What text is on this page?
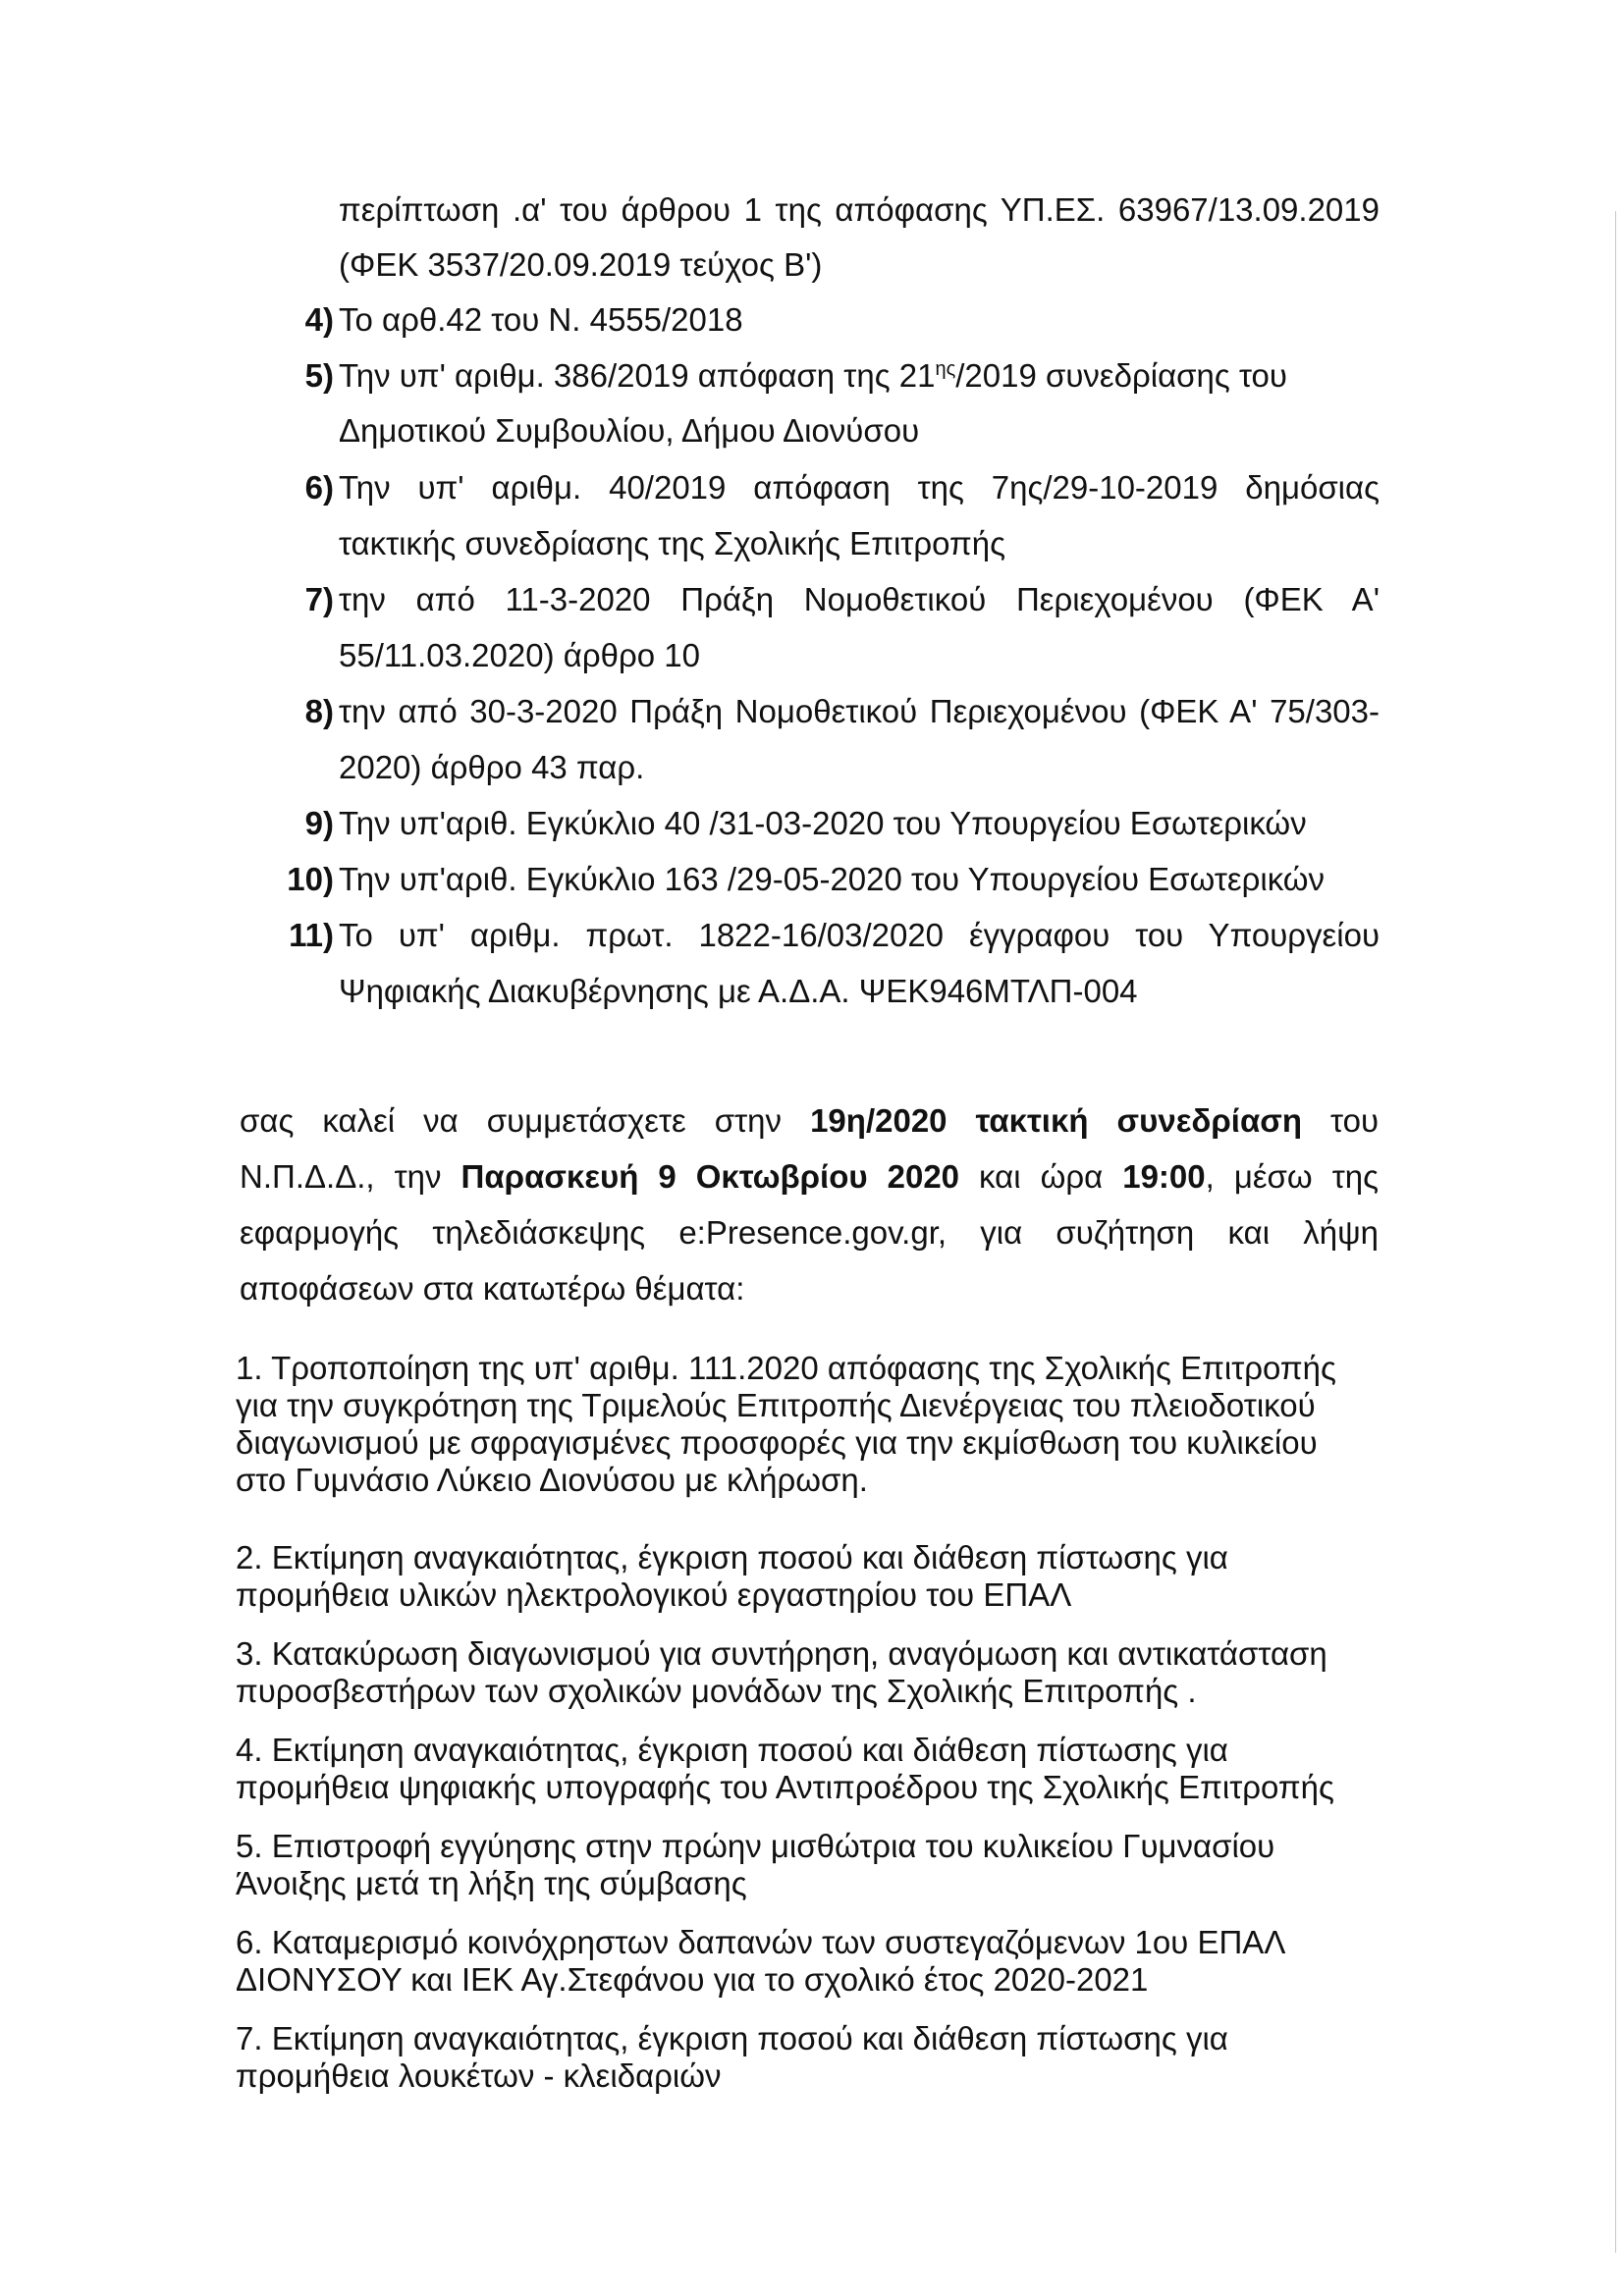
περίπτωση .α' του άρθρου 1 της απόφασης ΥΠ.ΕΣ. 63967/13.09.2019
(ΦΕΚ 3537/20.09.2019 τεύχος Β')
4) Το αρθ.42 του Ν. 4555/2018
5) Την υπ' αριθμ. 386/2019 απόφαση της $21^{\eta\varsigma}/2019$ συνεδρίασης του
Δημοτικού Συμβουλίου, Δήμου Διονύσου
6) Την υπ' αριθμ. 40/2019 απόφαση της 7ης/29-10-2019 δημόσιας
τακτικής συνεδρίασης της Σχολικής Επιτροπής
7) την από 11-3-2020 Πράξη Νομοθετικού Περιεχομένου (ΦΕΚ Α'
55/11.03.2020) άρθρο 10
8) την από 30-3-2020 Πράξη Νομοθετικού Περιεχομένου (ΦΕΚ Α' 75/303-
2020) άρθρο 43 παρ.
9) Την υπ'αριθ. Εγκύκλιο 40 /31-03-2020 του Υπουργείου Εσωτερικών
10) Την υπ'αριθ. Εγκύκλιο 163 /29-05-2020 του Υπουργείου Εσωτερικών
11) Το υπ' αριθμ. πρωτ. 1822-16/03/2020 έγγραφου του Υπουργείου
Ψηφιακής Διακυβέρνησης με Α.Δ.Α. ΨΕΚ946ΜΤΛΠ-004
σας καλεί να συμμετάσχετε στην 19η/2020 τακτική συνεδρίαση του
Ν.Π.Δ.Δ., την Παρασκευή 9 Οκτωβρίου 2020 και ώρα 19:00, μέσω της
εφαρμογής τηλεδιάσκεψης e:Presence.gov.gr, για συζήτηση και λήψη
αποφάσεων στα κατωτέρω θέματα:
1. Τροποποίηση της υπ' αριθμ. 111.2020 απόφασης της Σχολικής Επιτροπής
για την συγκρότηση της Τριμελούς Επιτροπής Διενέργειας του πλειοδοτικού
διαγωνισμού με σφραγισμένες προσφορές για την εκμίσθωση του κυλικείου
στο Γυμνάσιο Λύκειο Διονύσου με κλήρωση.
2. Εκτίμηση αναγκαιότητας, έγκριση ποσού και διάθεση πίστωσης για
προμήθεια υλικών ηλεκτρολογικού εργαστηρίου του ΕΠΑΛ
3. Κατακύρωση διαγωνισμού για συντήρηση, αναγόμωση και αντικατάσταση
πυροσβεστήρων των σχολικών μονάδων της Σχολικής Επιτροπής .
4. Εκτίμηση αναγκαιότητας, έγκριση ποσού και διάθεση πίστωσης για
προμήθεια ψηφιακής υπογραφής του Αντιπροέδρου της Σχολικής Επιτροπής
5. Επιστροφή εγγύησης στην πρώην μισθώτρια του κυλικείου Γυμνασίου
Άνοιξης μετά τη λήξη της σύμβασης
6. Καταμερισμό κοινόχρηστων δαπανών των συστεγαζόμενων 1ου ΕΠΑΛ
ΔΙΟΝΥΣΟΥ και ΙΕΚ Αγ.Στεφάνου για το σχολικό έτος 2020-2021
7. Εκτίμηση αναγκαιότητας, έγκριση ποσού και διάθεση πίστωσης για
προμήθεια λουκέτων - κλειδαριών
